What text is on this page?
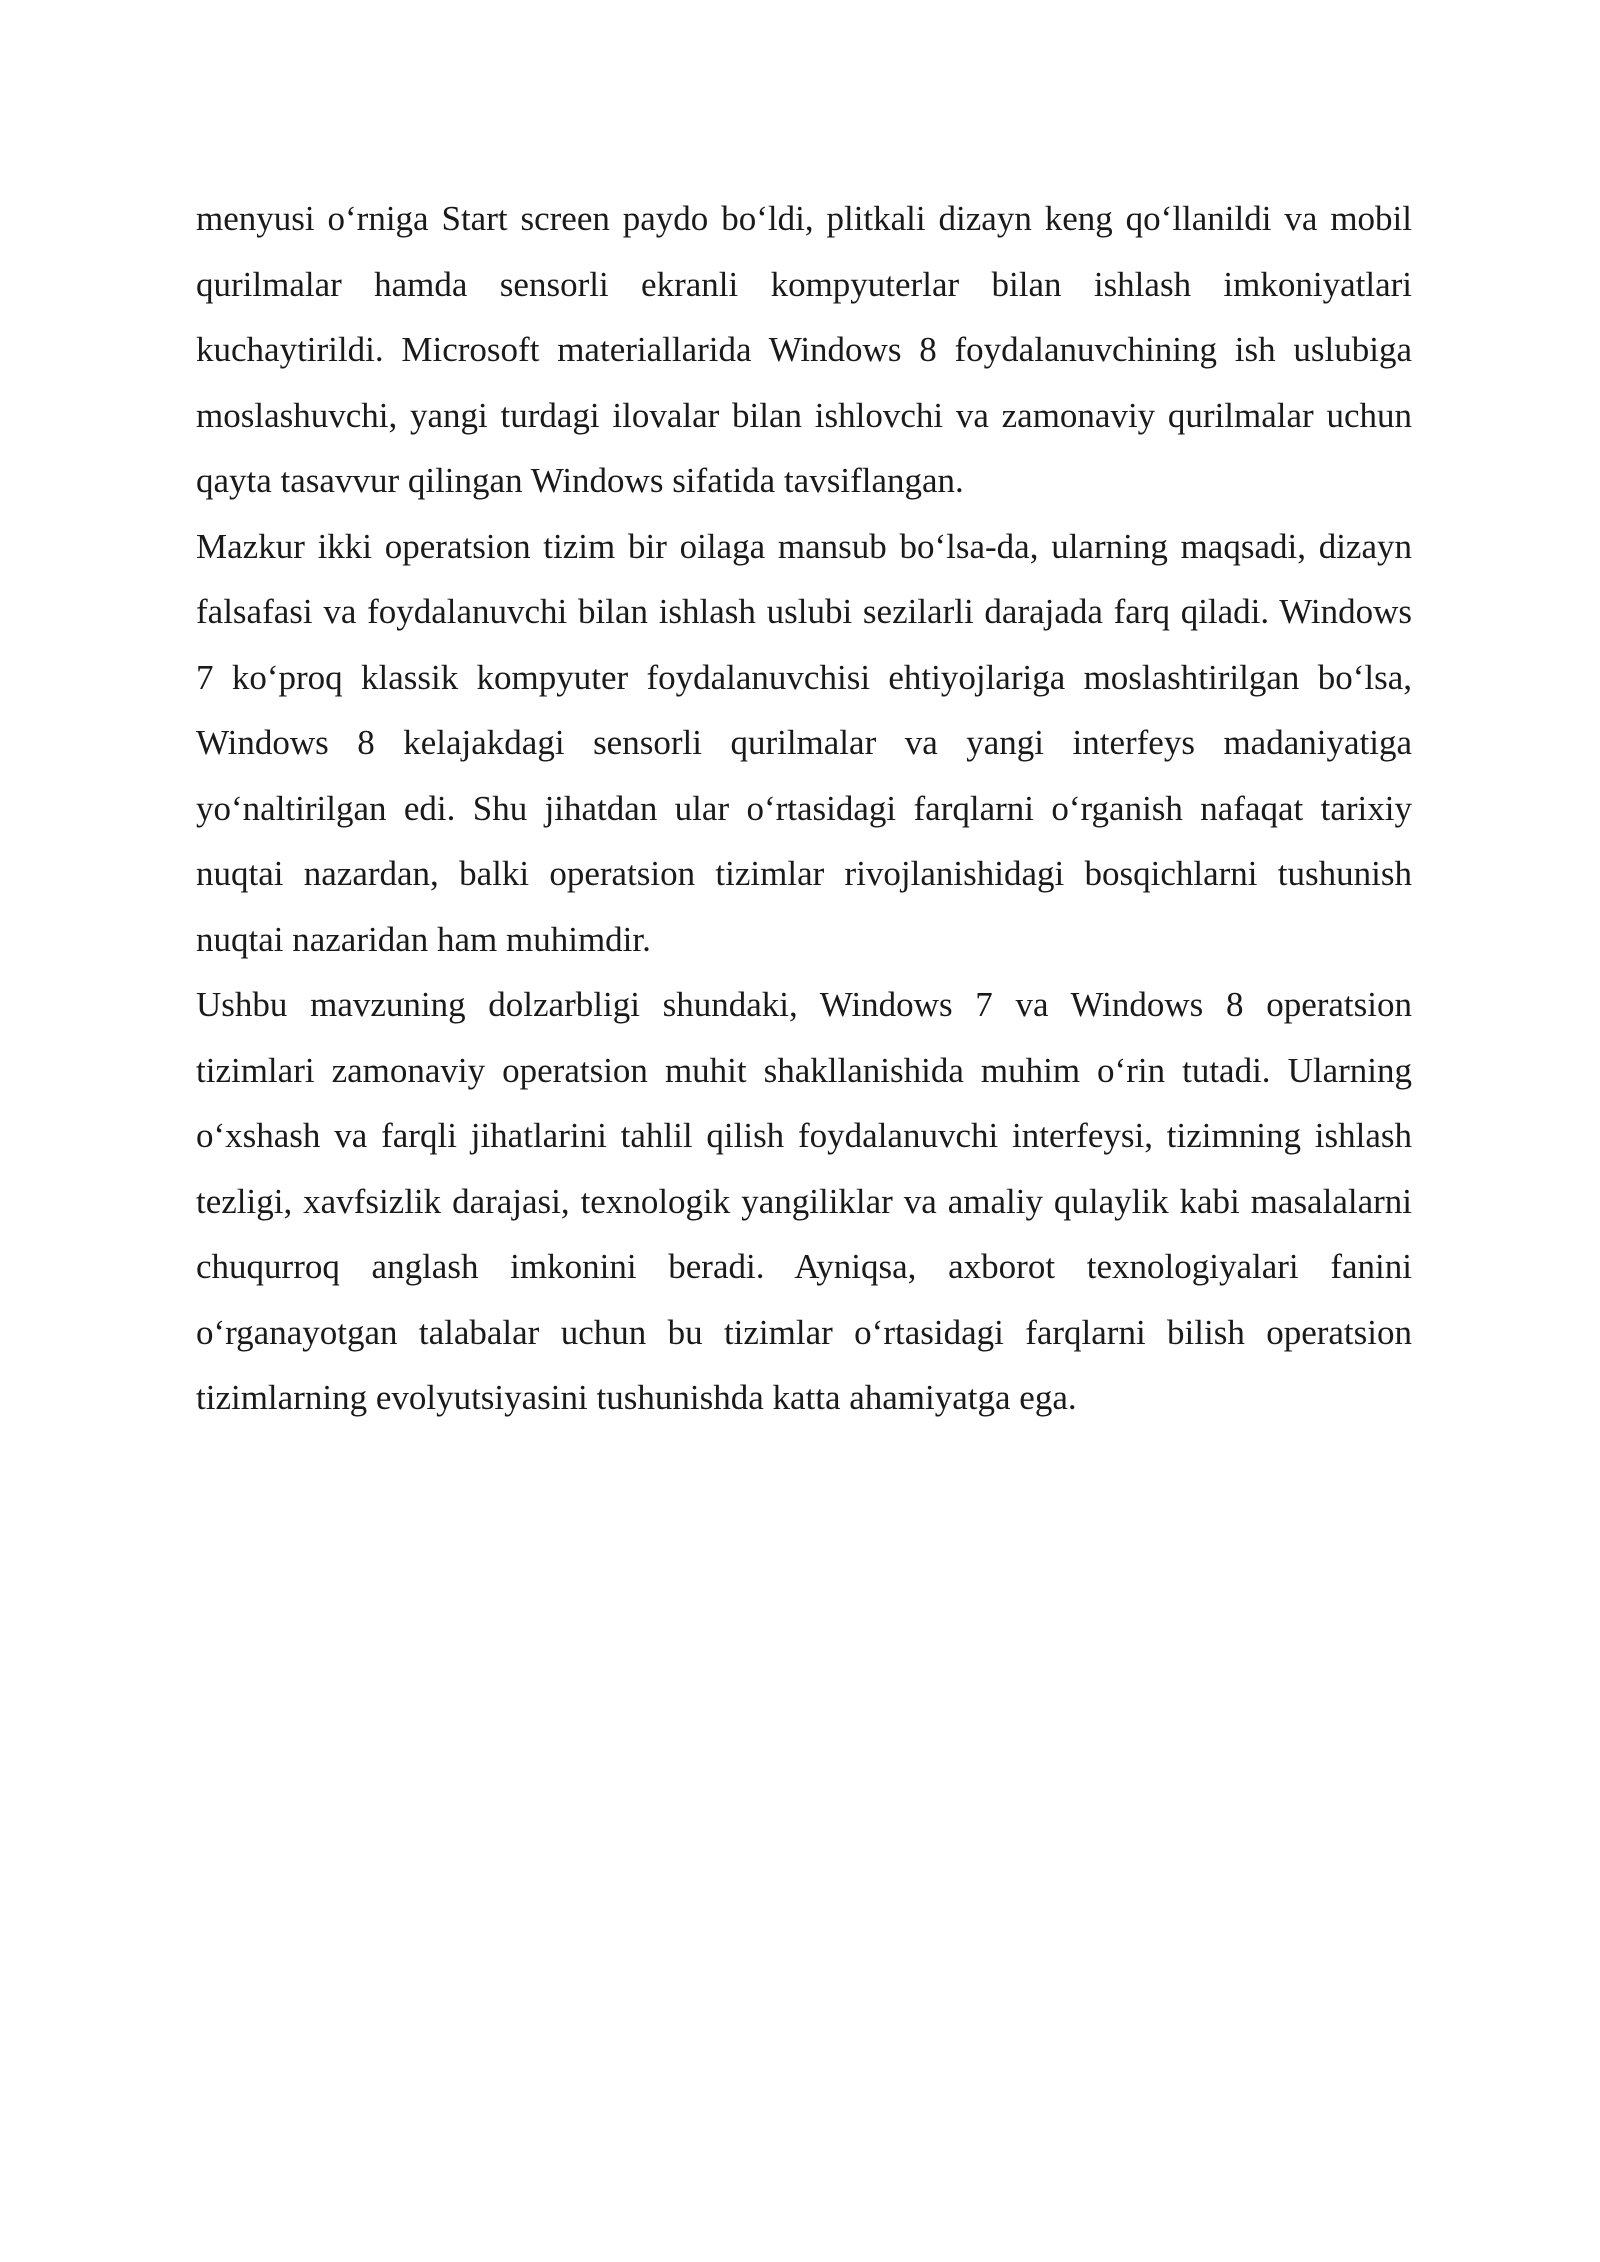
menyusi o‘rniga Start screen paydo bo‘ldi, plitkali dizayn keng qo‘llanildi va mobil qurilmalar hamda sensorli ekranli kompyuterlar bilan ishlash imkoniyatlari kuchaytirildi. Microsoft materiallarida Windows 8 foydalanuvchining ish uslubiga moslashuvchi, yangi turdagi ilovalar bilan ishlovchi va zamonaviy qurilmalar uchun qayta tasavvur qilingan Windows sifatida tavsiflangan.

Mazkur ikki operatsion tizim bir oilaga mansub bo‘lsa-da, ularning maqsadi, dizayn falsafasi va foydalanuvchi bilan ishlash uslubi sezilarli darajada farq qiladi. Windows 7 ko‘proq klassik kompyuter foydalanuvchisi ehtiyojlariga moslashtirilgan bo‘lsa, Windows 8 kelajakdagi sensorli qurilmalar va yangi interfeys madaniyatiga yo‘naltirilgan edi. Shu jihatdan ular o‘rtasidagi farqlarni o‘rganish nafaqat tarixiy nuqtai nazardan, balki operatsion tizimlar rivojlanishidagi bosqichlarni tushunish nuqtai nazaridan ham muhimdir.

Ushbu mavzuning dolzarbligi shundaki, Windows 7 va Windows 8 operatsion tizimlari zamonaviy operatsion muhit shakllanishida muhim o‘rin tutadi. Ularning o‘xshash va farqli jihatlarini tahlil qilish foydalanuvchi interfeysi, tizimning ishlash tezligi, xavfsizlik darajasi, texnologik yangiliklar va amaliy qulaylik kabi masalalarni chuqurroq anglash imkonini beradi. Ayniqsa, axborot texnologiyalari fanini o‘rganayotgan talabalar uchun bu tizimlar o‘rtasidagi farqlarni bilish operatsion tizimlarning evolyutsiyasini tushunishda katta ahamiyatga ega.
